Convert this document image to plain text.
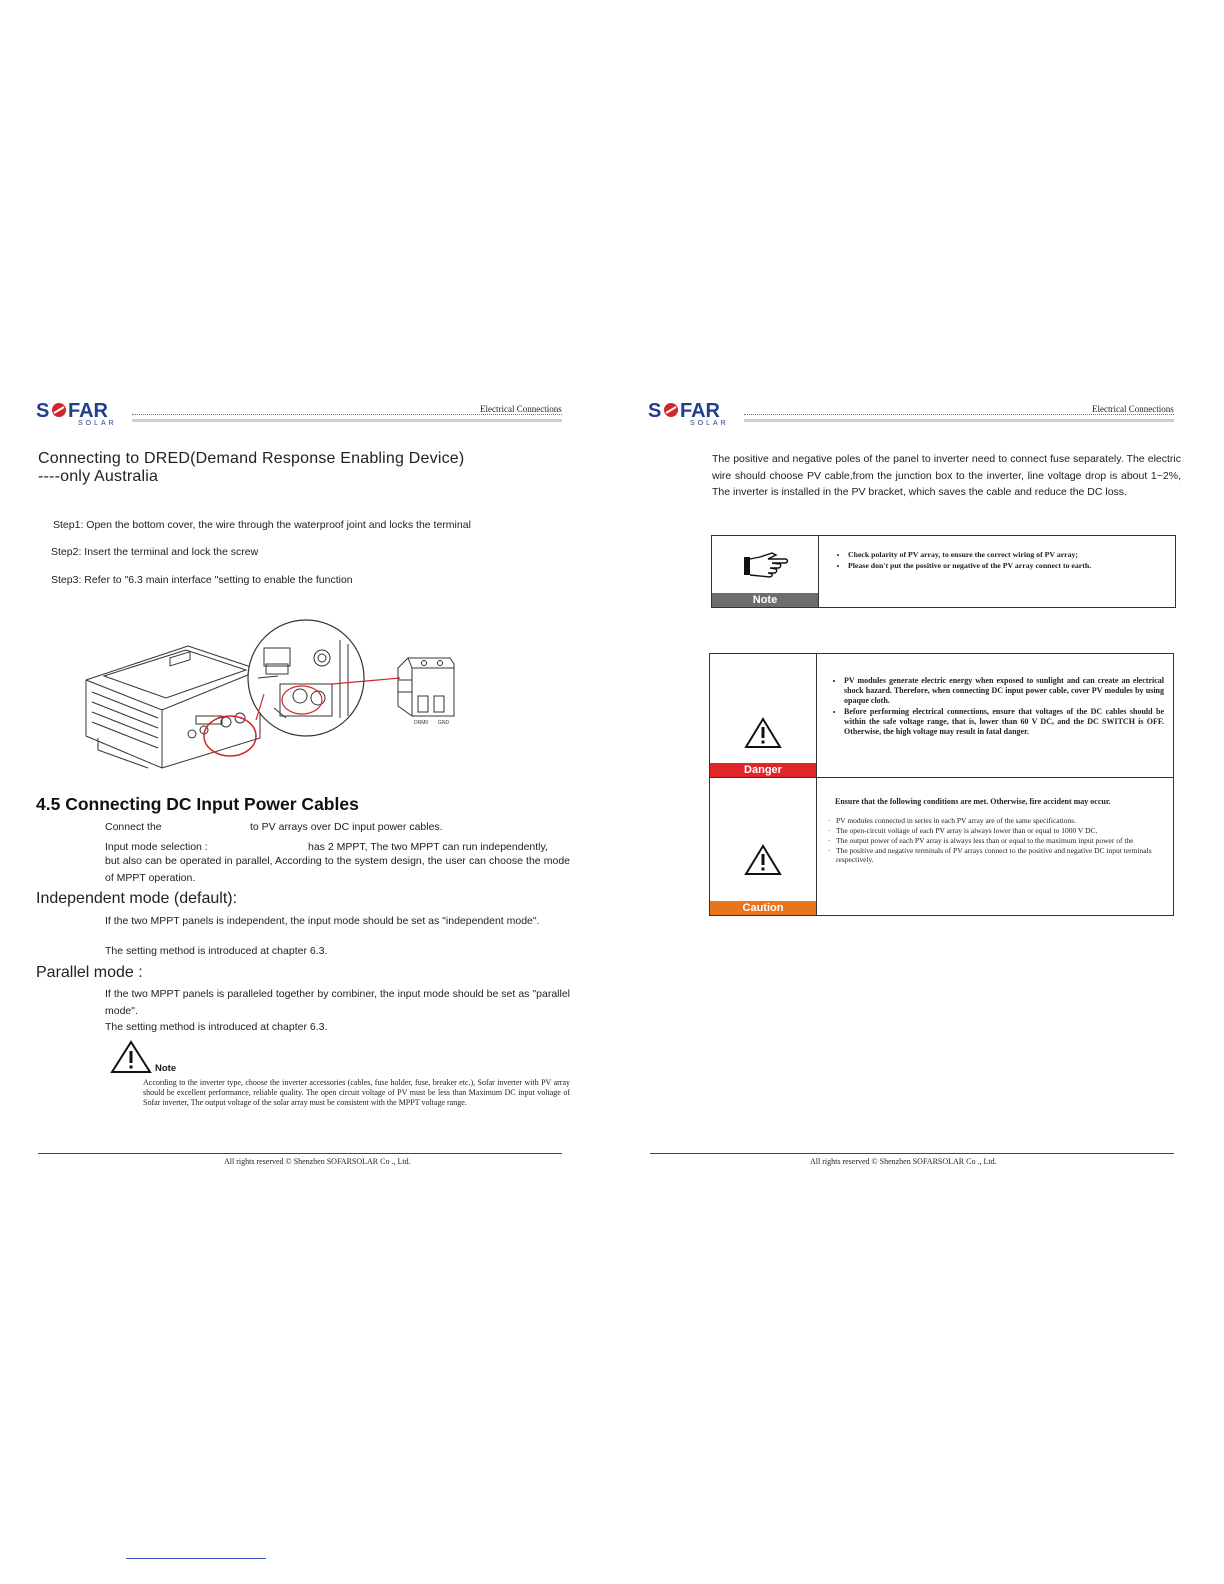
S FAR
SOLAR
Electrical Connections	S FAR
SOLAR
Electrical Connections
Connecting to DRED(Demand Response Enabling Device)
----only Australia
Step1: Open the bottom cover, the wire through the waterproof joint and locks the terminal
Step2: Insert the terminal and lock the screw
Step3: Refer to "6.3 main interface "setting to enable the function
DRM0 GND
4.5 Connecting DC Input Power Cables
Connect the	to PV arrays over DC input power cables.
Input mode selection :	has 2 MPPT, The two MPPT can run independently,
but also can be operated in parallel, According to the system design, the user can choose the mode of MPPT operation.
Independent mode (default):
If the two MPPT panels is independent, the input mode should be set as "independent mode".
The setting method is introduced at chapter 6.3.
Parallel mode :
If the two MPPT panels is paralleled together by combiner, the input mode should be set as "parallel mode".
The setting method is introduced at chapter 6.3.
Note
According to the inverter type, choose the inverter accessories (cables, fuse holder, fuse, breaker etc.), Sofar inverter with PV array should be excellent performance, reliable quality. The open circuit voltage of PV must be less than Maximum DC input voltage of Sofar inverter, The output voltage of the solar array must be consistent with the MPPT voltage range.
All rights reserved © Shenzhen SOFARSOLAR Co ., Ltd.
The positive and negative poles of the panel to inverter need to connect fuse separately. The electric wire should choose PV cable,from the junction box to the inverter, line voltage drop is about 1~2%, The inverter is installed in the PV bracket, which saves the cable and reduce the DC loss.
Note
• Check polarity of PV array, to ensure the correct wiring of PV array;
• Please don't put the positive or negative of the PV array connect to earth.
Danger
• PV modules generate electric energy when exposed to sunlight and can create an electrical shock hazard. Therefore, when connecting DC input power cable, cover PV modules by using opaque cloth.
• Before performing electrical connections, ensure that voltages of the DC cables should be within the safe voltage range, that is, lower than 60 V DC, and the DC SWITCH is OFF. Otherwise, the high voltage may result in fatal danger.
Caution
Ensure that the following conditions are met. Otherwise, fire accident may occur.
· PV modules connected in series in each PV array are of the same specifications.
· The open-circuit voltage of each PV array is always lower than or equal to 1000 V DC.
· The output power of each PV array is always less than or equal to the maximum input power of the
· The positive and negative terminals of PV arrays connect to the positive and negative DC input terminals respectively.
All rights reserved © Shenzhen SOFARSOLAR Co ., Ltd.
